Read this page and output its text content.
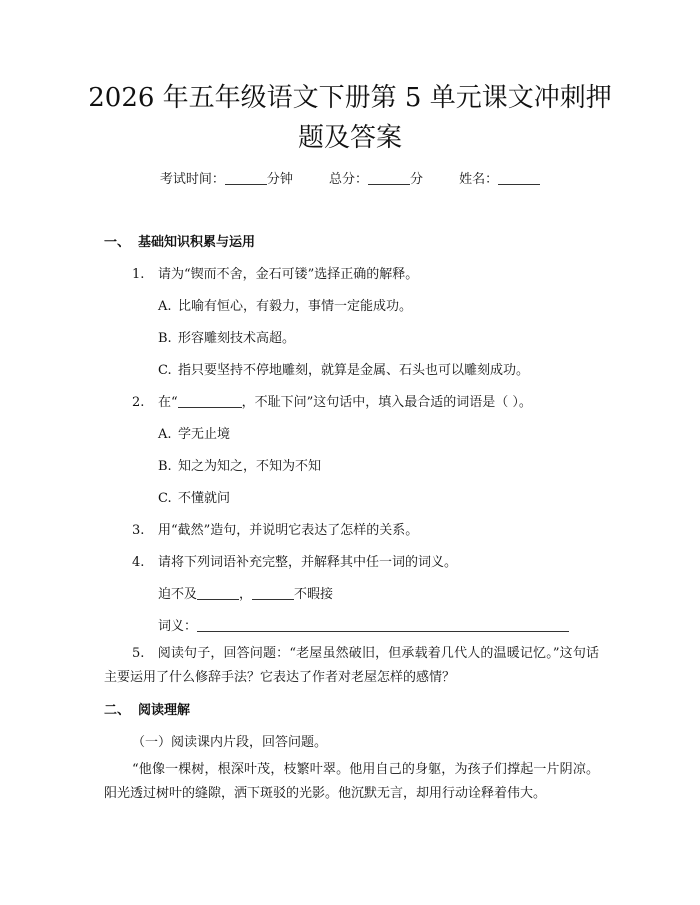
2026 年五年级语文下册第 5 单元课文冲刺押
题及答案
考试时间：	分钟	总分：	分	姓名：
一、 基础知识积累与运用
1. 请为“锲而不舍，金石可镂”选择正确的解释。
A. 比喻有恒心，有毅力，事情一定能成功。
B. 形容雕刻技术高超。
C. 指只要坚持不停地雕刻，就算是金属、石头也可以雕刻成功。
2. 在“	，不耻下问”这句话中，填入最合适的词语是（ ）。
A. 学无止境
B. 知之为知之，不知为不知
C. 不懂就问
3. 用“截然”造句，并说明它表达了怎样的关系。
4. 请将下列词语补充完整，并解释其中任一词的词义。
迫不及	，	不暇接
词义：
5.　阅读句子，回答问题：“老屋虽然破旧，但承载着几代人的温暖记忆。”这句话主要运用了什么修辞手法？它表达了作者对老屋怎样的感情？
二、 阅读理解
（一）阅读课内片段，回答问题。
“他像一棵树，根深叶茂，枝繁叶翠。他用自己的身躯，为孩子们撑起一片阴凉。阳光透过树叶的缝隙，洒下斑驳的光影。他沉默无言，却用行动诠释着伟大。
